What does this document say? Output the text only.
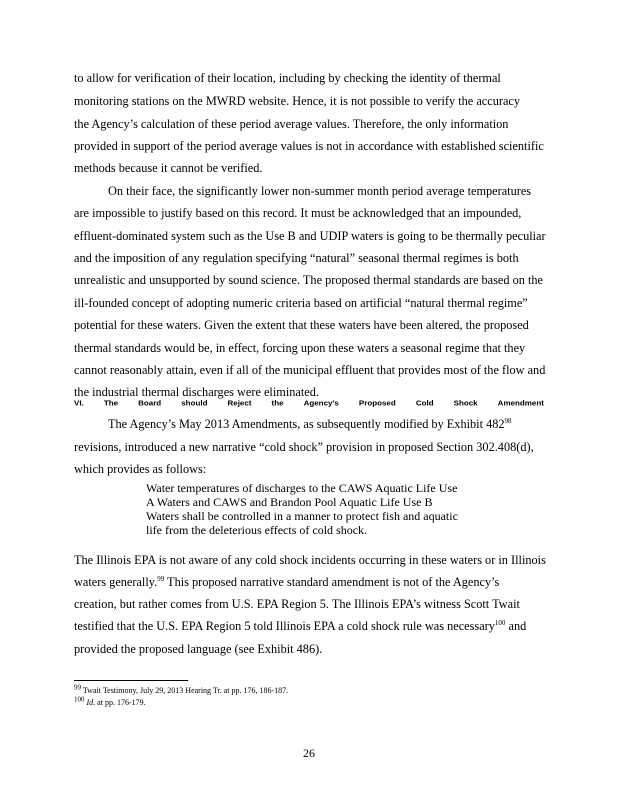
to allow for verification of their location, including by checking the identity of thermal
monitoring stations on the MWRD website. Hence, it is not possible to verify the accuracy
the Agency’s calculation of these period average values. Therefore, the only information
provided in support of the period average values is not in accordance with established scientific
methods because it cannot be verified.
On their face, the significantly lower non-summer month period average temperatures
are impossible to justify based on this record. It must be acknowledged that an impounded,
effluent-dominated system such as the Use B and UDIP waters is going to be thermally peculiar
and the imposition of any regulation specifying “natural” seasonal thermal regimes is both
unrealistic and unsupported by sound science. The proposed thermal standards are based on the
ill-founded concept of adopting numeric criteria based on artificial “natural thermal regime”
potential for these waters. Given the extent that these waters have been altered, the proposed
thermal standards would be, in effect, forcing upon these waters a seasonal regime that they
cannot reasonably attain, even if all of the municipal effluent that provides most of the flow and
the industrial thermal discharges were eliminated.
VI.	The	Board	should	Reject	the	Agency’s	Proposed	Cold	Shock	Amendment
The Agency’s May 2013 Amendments, as subsequently modified by Exhibit $482^{98}$
revisions, introduced a new narrative “cold shock” provision in proposed Section 302.408(d),
which provides as follows:
Water temperatures of discharges to the CAWS Aquatic Life Use
A Waters and CAWS and Brandon Pool Aquatic Life Use B
Waters shall be controlled in a manner to protect fish and aquatic
life from the deleterious effects of cold shock.
The Illinois EPA is not aware of any cold shock incidents occurring in these waters or in Illinois
waters generally.$^{99}$ This proposed narrative standard amendment is not of the Agency’s
creation, but rather comes from U.S. EPA Region 5. The Illinois EPA’s witness Scott Twait
testified that the U.S. EPA Region 5 told Illinois EPA a cold shock rule was necessary$^{100}$ and
provided the proposed language (see Exhibit 486).
$^{99}$ Twait Testimony, July 29, 2013 Hearing Tr. at pp. 176, 186-187.
$^{100}$ Id. at pp. 176-179.
26
